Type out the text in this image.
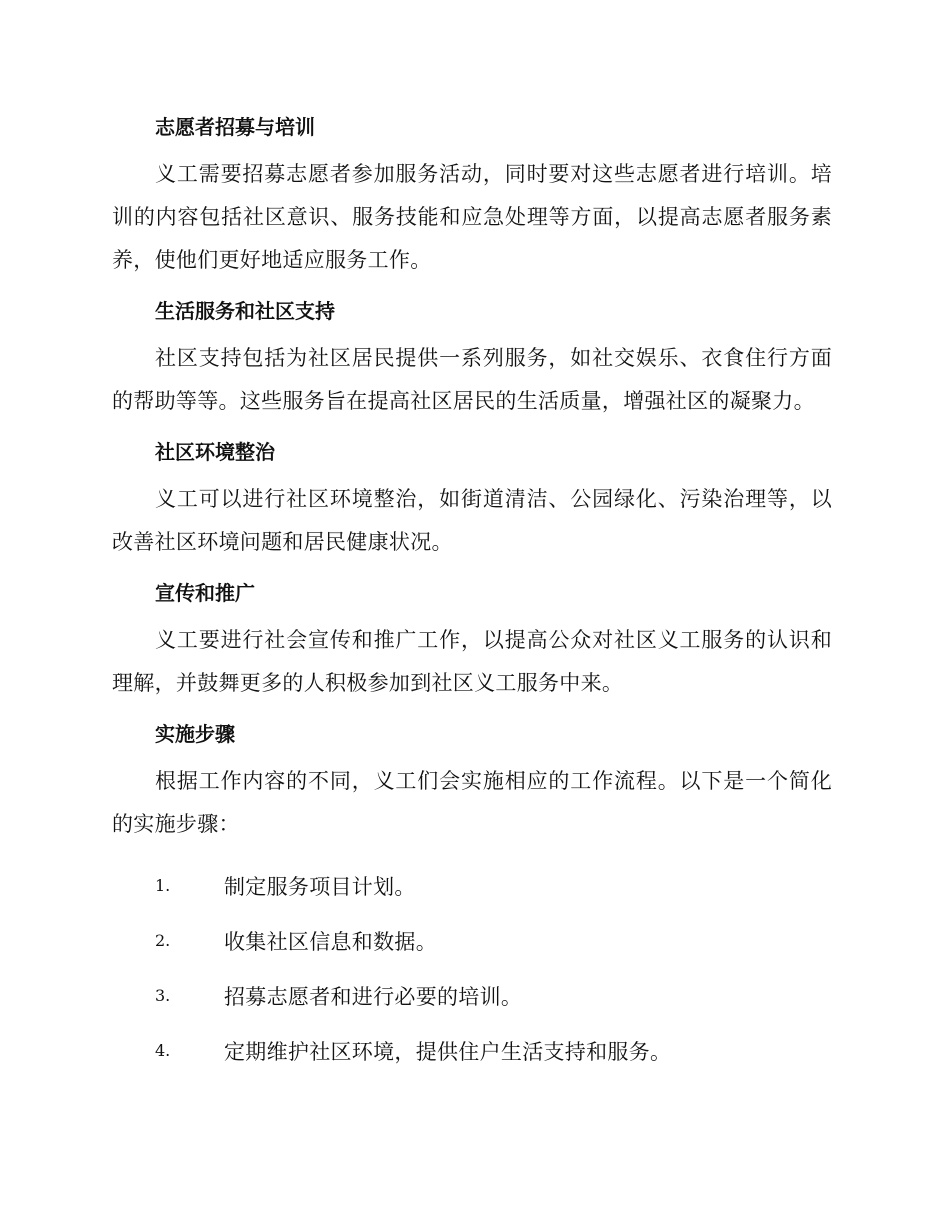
志愿者招募与培训

义工需要招募志愿者参加服务活动，同时要对这些志愿者进行培训。培训的内容包括社区意识、服务技能和应急处理等方面，以提高志愿者服务素养，使他们更好地适应服务工作。

生活服务和社区支持

社区支持包括为社区居民提供一系列服务，如社交娱乐、衣食住行方面的帮助等等。这些服务旨在提高社区居民的生活质量，增强社区的凝聚力。

社区环境整治

义工可以进行社区环境整治，如街道清洁、公园绿化、污染治理等，以改善社区环境问题和居民健康状况。

宣传和推广

义工要进行社会宣传和推广工作，以提高公众对社区义工服务的认识和理解，并鼓舞更多的人积极参加到社区义工服务中来。

实施步骤

根据工作内容的不同，义工们会实施相应的工作流程。以下是一个简化的实施步骤：

1.	制定服务项目计划。
2.	收集社区信息和数据。
3.	招募志愿者和进行必要的培训。
4.	定期维护社区环境，提供住户生活支持和服务。
